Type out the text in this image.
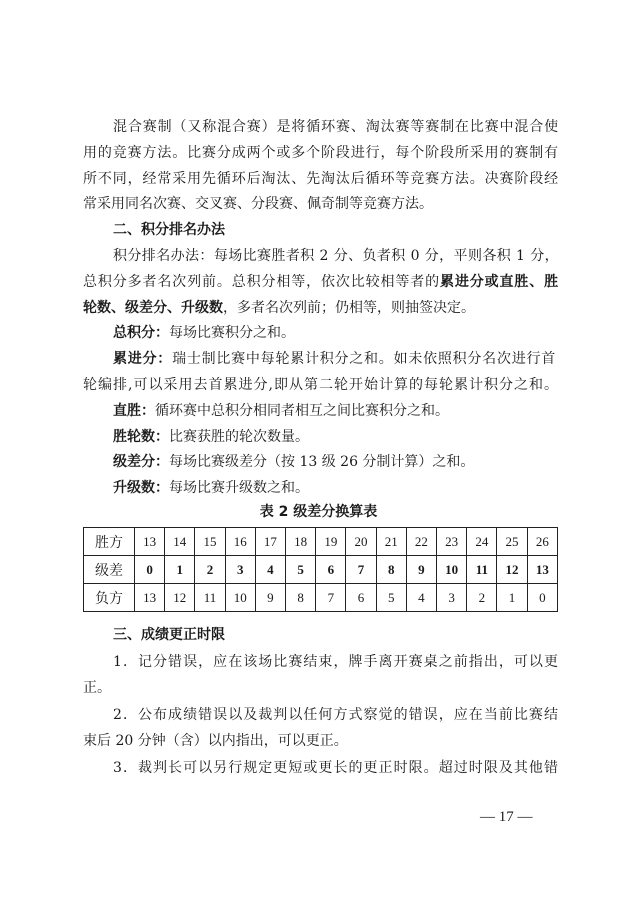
混合赛制（又称混合赛）是将循环赛、淘汰赛等赛制在比赛中混合使
用的竞赛方法。比赛分成两个或多个阶段进行，每个阶段所采用的赛制有
所不同，经常采用先循环后淘汰、先淘汰后循环等竞赛方法。决赛阶段经
常采用同名次赛、交叉赛、分段赛、佩奇制等竞赛方法。
二、积分排名办法
积分排名办法：每场比赛胜者积 2 分、负者积 0 分，平则各积 1 分，
总积分多者名次列前。总积分相等，依次比较相等者的累进分或直胜、胜
轮数、级差分、升级数，多者名次列前；仍相等，则抽签决定。
总积分：每场比赛积分之和。
累进分：瑞士制比赛中每轮累计积分之和。如未依照积分名次进行首
轮编排,可以采用去首累进分,即从第二轮开始计算的每轮累计积分之和。
直胜：循环赛中总积分相同者相互之间比赛积分之和。
胜轮数：比赛获胜的轮次数量。
级差分：每场比赛级差分（按 13 级 26 分制计算）之和。
升级数：每场比赛升级数之和。
三、成绩更正时限
1．记分错误，应在该场比赛结束，牌手离开赛桌之前指出，可以更
正。
2．公布成绩错误以及裁判以任何方式察觉的错误，应在当前比赛结
束后 20 分钟（含）以内指出，可以更正。
3．裁判长可以另行规定更短或更长的更正时限。超过时限及其他错
表 2 级差分换算表
胜方	13	14	15	16	17	18	19	20	21	22	23	24	25	26
级差	0	1	2	3	4	5	6	7	8	9	10	11	12	13
负方	13	12	11	10	9	8	7	6	5	4	3	2	1	0
— 17 —
